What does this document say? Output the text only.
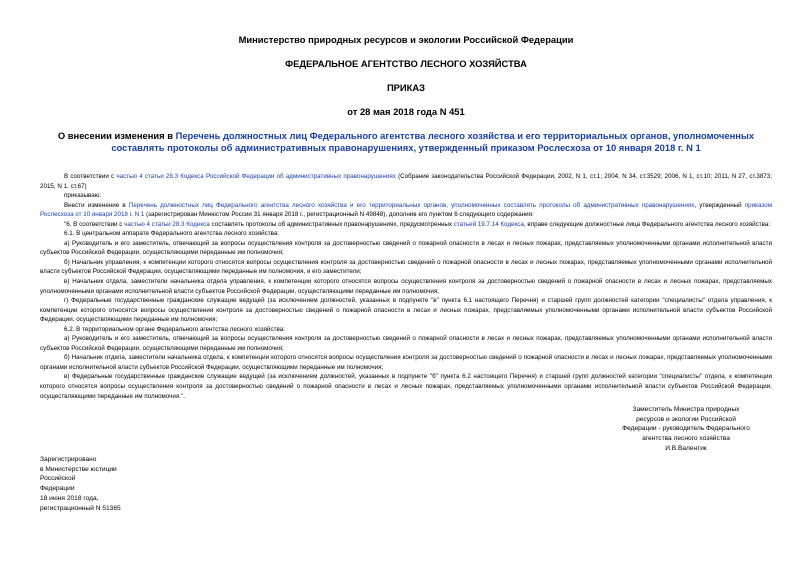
Министерство природных ресурсов и экологии Российской Федерации
ФЕДЕРАЛЬНОЕ АГЕНТСТВО ЛЕСНОГО ХОЗЯЙСТВА
ПРИКАЗ
от 28 мая 2018 года N 451
О внесении изменения в Перечень должностных лиц Федерального агентства лесного хозяйства и его территориальных органов, уполномоченных составлять протоколы об административных правонарушениях, утвержденный приказом Рослесхоза от 10 января 2018 г. N 1

В соответствии с частью 4 статьи 28.3 Кодекса Российской Федерации об административных правонарушениях (Собрание законодательства Российской Федерации, 2002, N 1, ст.1; 2004, N 34, ст.3529; 2006, N 1, ст.10; 2011, N 27, ст.3873; 2015, N 1, ст.67)

приказываю:

Внести изменение в Перечень должностных лиц Федерального агентства лесного хозяйства и его территориальных органов, уполномоченных составлять протоколы об административных правонарушениях, утвержденный приказом Рослесхоза от 10 января 2018 г. N 1 (зарегистрирован Минюстом России 31 января 2018 г., регистрационный N 49848), дополнив его пунктом 6 следующего содержания:

"6. В соответствии с частью 4 статьи 28.3 Кодекса составлять протоколы об административных правонарушениях, предусмотренных статьей 19.7.14 Кодекса, вправе следующие должностные лица Федерального агентства лесного хозяйства:

6.1. В центральном аппарате Федерального агентства лесного хозяйства:

а) Руководитель и его заместитель, отвечающий за вопросы осуществления контроля за достоверностью сведений о пожарной опасности в лесах и лесных пожарах, представляемых уполномоченными органами исполнительной власти субъектов Российской Федерации, осуществляющими переданные им полномочия;

б) Начальник управления, к компетенции которого относятся вопросы осуществления контроля за достоверностью сведений о пожарной опасности в лесах и лесных пожарах, представляемых уполномоченными органами исполнительной власти субъектов Российской Федерации, осуществляющими переданные им полномочия, и его заместители;

в) Начальник отдела, заместители начальника отдела управления, к компетенции которого относятся вопросы осуществления контроля за достоверностью сведений о пожарной опасности в лесах и лесных пожарах, представляемых уполномоченными органами исполнительной власти субъектов Российской Федерации, осуществляющими переданные им полномочия;

г) Федеральные государственные гражданские служащие ведущей (за исключением должностей, указанных в подпункте "в" пункта 6.1 настоящего Перечня) и старшей групп должностей категории "специалисты" отдела управления, к компетенции которого относятся вопросы осуществления контроля за достоверностью сведений о пожарной опасности в лесах и лесных пожарах, представляемых уполномоченными органами исполнительной власти субъектов Российской Федерации, осуществляющими переданные им полномочия;

6.2. В территориальном органе Федерального агентства лесного хозяйства:

а) Руководитель и его заместитель, отвечающий за вопросы осуществления контроля за достоверностью сведений о пожарной опасности в лесах и лесных пожарах, представляемых уполномоченными органами исполнительной власти субъектов Российской Федерации, осуществляющими переданные им полномочия;

б) Начальник отдела, заместители начальника отдела, к компетенции которого относятся вопросы осуществления контроля за достоверностью сведений о пожарной опасности в лесах и лесных пожарах, представляемых уполномоченными органами исполнительной власти субъектов Российской Федерации, осуществляющими переданные им полномочия;

в) Федеральные государственные гражданские служащие ведущей (за исключением должностей, указанных в подпункте "б" пункта 6.2 настоящего Перечня) и старшей групп должностей категории "специалисты" отдела, к компетенции которого относятся вопросы осуществления контроля за достоверностью сведений о пожарной опасности в лесах и лесных пожарах, представляемых уполномоченными органами исполнительной власти субъектов Российской Федерации, осуществляющими переданные им полномочия.".

Заместитель Министра природных
ресурсов и экологии Российской
Федерации - руководитель Федерального
агентства лесного хозяйства
И.В.Валентик
Зарегистрировано
в Министерстве юстиции
Российской
Федерации
18 июня 2018 года,
регистрационный N 51365
